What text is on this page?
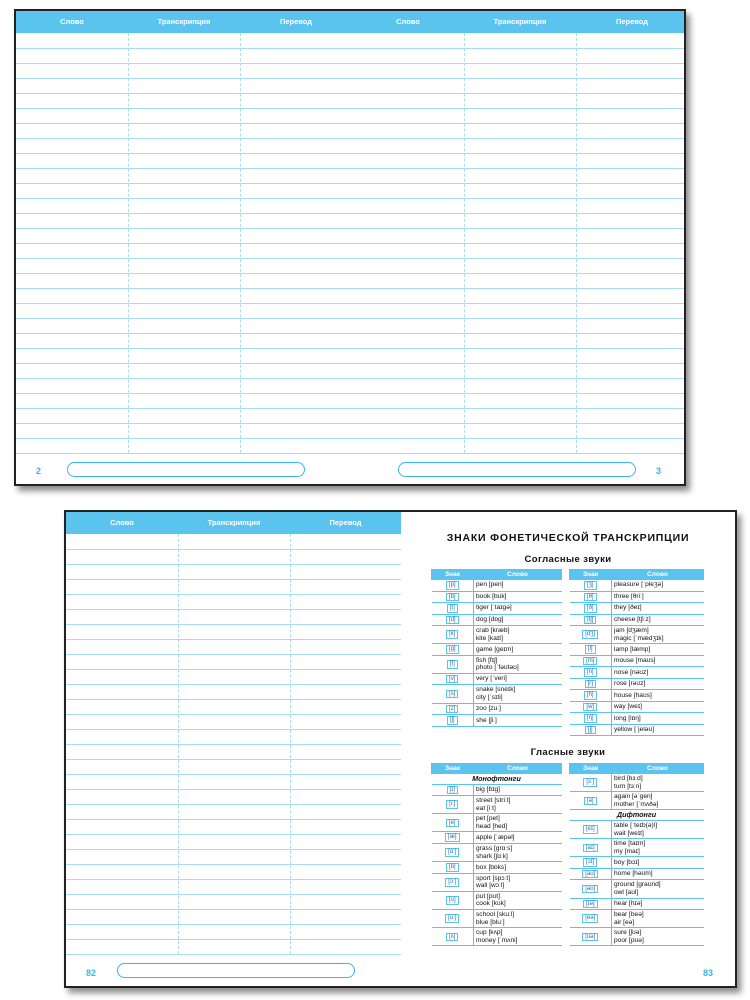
Слово	Транскрипция	Перевод	Слово	Транскрипция	Перевод
2	3
Слово	Транскрипция	Перевод
82	83
ЗНАКИ ФОНЕТИЧЕСКОЙ ТРАНСКРИПЦИИ
Согласные звуки
Знак	Слово
[p]	pen [pen]

[b]	book [bʊk]

[t]	tiger [ˈtaɪɡə]

[d]	dog [dɒɡ]

[k]	crab [kræb]
kite [kaɪt]

[g]	game [ɡeɪm]

[f]	fish [fɪʃ]
photo [ˈfəʊtəʊ]

[v]	very [ˈveri]

[s]	snake [sneɪk]
city [ˈsɪti]

[z]	zoo [zuː]

[ʃ]	she [ʃiː]
Знак	Слово
[ʒ]	pleasure [ˈpleʒə]

[θ]	three [θriː]

[ð]	they [ðeɪ]

[tʃ]	cheese [tʃiːz]

[dʒ]	jam [dʒæm]
magic [ˈmædʒɪk]

[l]	lamp [læmp]

[m]	mouse [maʊs]

[n]	nose [nəʊz]

[r]	rose [rəʊz]

[h]	house [haʊs]

[w]	way [weɪ]

[ŋ]	long [lɒŋ]

[j]	yellow [ˈjeləʊ]
Гласные звуки
Знак	Слово
Монофтонги	
[ɪ]	big [bɪɡ]

[iː]	street [striːt]
eat [iːt]

[e]	pet [pet]
head [hed]

[æ]	apple [ˈæpəl]

[ɑː]	grass [ɡrɑːs]
shark [ʃɑːk]

[ɒ]	box [bɒks]

[ɔː]	sport [spɔːt]
wall [wɔːl]

[ʊ]	put [pʊt]
cook [kʊk]

[uː]	school [skuːl]
blue [bluː]

[ʌ]	cup [kʌp]
money [ˈmʌni]
Знак	Слово
[ɜː]	bird [bɜːd]
turn [tɜːn]

[ə]	again [əˈɡen]
mother [ˈmʌðə]

Дифтонги	
[eɪ]	table [ˈteɪb(ə)l]
wait [weɪt]

[aɪ]	time [taɪm]
my [maɪ]

[ɔɪ]	boy [bɔɪ]

[aʊ]	home [həʊm]

[əʊ]	ground [ɡraʊnd]
owl [aʊl]

[ɪə]	hear [hɪə]

[eə]	bear [beə]
air [eə]

[ʊə]	sure [ʃʊə]
poor [pʊə]
